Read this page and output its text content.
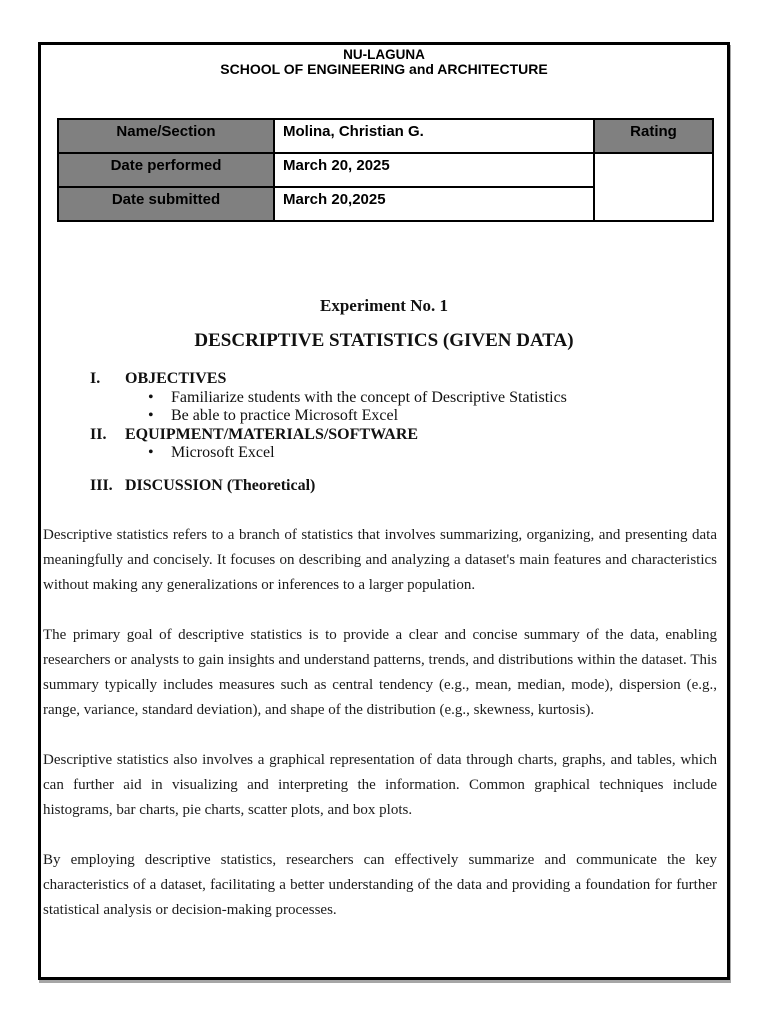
NU-LAGUNA
SCHOOL OF ENGINEERING and ARCHITECTURE
Name/Section	Molina, Christian G.	Rating
Date performed	March 20, 2025	
Date submitted	March 20,2025	
Experiment No. 1
DESCRIPTIVE STATISTICS (GIVEN DATA)
I.	OBJECTIVES
•
Familiarize students with the concept of Descriptive Statistics
•
Be able to practice Microsoft Excel
II.	EQUIPMENT/MATERIALS/SOFTWARE
•
Microsoft Excel
III. DISCUSSION (Theoretical)

Descriptive statistics refers to a branch of statistics that involves summarizing, organizing, and presenting data meaningfully and concisely. It focuses on describing and analyzing a dataset's main features and characteristics without making any generalizations or inferences to a larger population.

The primary goal of descriptive statistics is to provide a clear and concise summary of the data, enabling researchers or analysts to gain insights and understand patterns, trends, and distributions within the dataset. This summary typically includes measures such as central tendency (e.g., mean, median, mode), dispersion (e.g., range, variance, standard deviation), and shape of the distribution (e.g., skewness, kurtosis).

Descriptive statistics also involves a graphical representation of data through charts, graphs, and tables, which can further aid in visualizing and interpreting the information. Common graphical techniques include histograms, bar charts, pie charts, scatter plots, and box plots.

By employing descriptive statistics, researchers can effectively summarize and communicate the key characteristics of a dataset, facilitating a better understanding of the data and providing a foundation for further statistical analysis or decision-making processes.
